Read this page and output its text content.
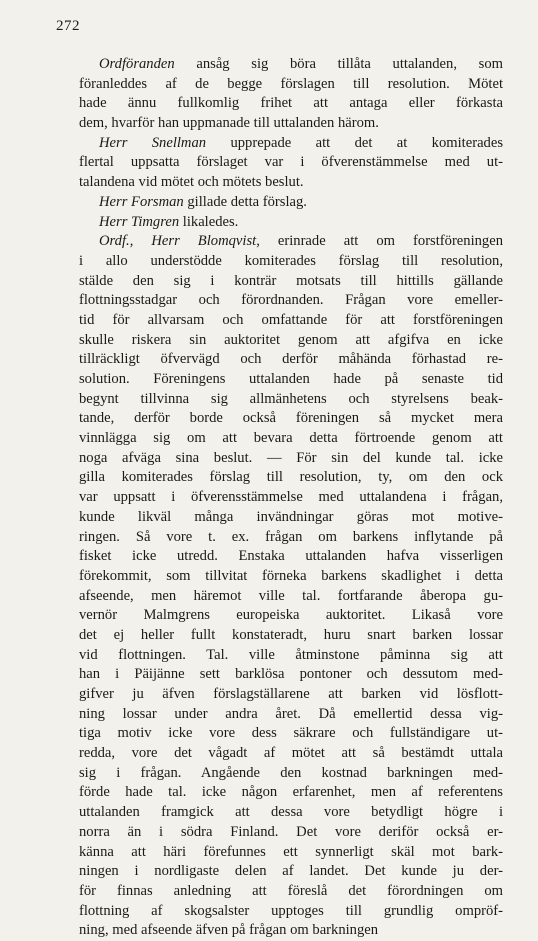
272
Ordföranden ansåg sig böra tillåta uttalanden, som
föranleddes af de begge förslagen till resolution. Mötet
hade ännu fullkomlig frihet att antaga eller förkasta
dem, hvarför han uppmanade till uttalanden härom.
Herr Snellman upprepade att det at komiterades
flertal uppsatta förslaget var i öfverenstämmelse med ut-
talandena vid mötet och mötets beslut.
Herr Forsman gillade detta förslag.
Herr Timgren likaledes.
Ordf., Herr Blomqvist, erinrade att om forstföreningen
i allo understödde komiterades förslag till resolution,
stälde den sig i konträr motsats till hittills gällande
flottningsstadgar och förordnanden. Frågan vore emeller-
tid för allvarsam och omfattande för att forstföreningen
skulle riskera sin auktoritet genom att afgifva en icke
tillräckligt öfvervägd och derför måhända förhastad re-
solution. Föreningens uttalanden hade på senaste tid
begynt tillvinna sig allmänhetens och styrelsens beak-
tande, derför borde också föreningen så mycket mera
vinnlägga sig om att bevara detta förtroende genom att
noga afväga sina beslut. — För sin del kunde tal. icke
gilla komiterades förslag till resolution, ty, om den ock
var uppsatt i öfverensstämmelse med uttalandena i frågan,
kunde likväl många invändningar göras mot motive-
ringen. Så vore t. ex. frågan om barkens inflytande på
fisket icke utredd. Enstaka uttalanden hafva visserligen
förekommit, som tillvitat förneka barkens skadlighet i detta
afseende, men häremot ville tal. fortfarande åberopa gu-
vernör Malmgrens europeiska auktoritet. Likaså vore
det ej heller fullt konstateradt, huru snart barken lossar
vid flottningen. Tal. ville åtminstone påminna sig att
han i Päijänne sett barklösa pontoner och dessutom med-
gifver ju äfven förslagställarene att barken vid lösflott-
ning lossar under andra året. Då emellertid dessa vig-
tiga motiv icke vore dess säkrare och fullständigare ut-
redda, vore det vågadt af mötet att så bestämdt uttala
sig i frågan. Angående den kostnad barkningen med-
förde hade tal. icke någon erfarenhet, men af referentens
uttalanden framgick att dessa vore betydligt högre i
norra än i södra Finland. Det vore deriför också er-
känna att häri förefunnes ett synnerligt skäl mot bark-
ningen i nordligaste delen af landet. Det kunde ju der-
för finnas anledning att föreslå det förordningen om
flottning af skogsalster upptoges till grundlig ompröf-
ning, med afseende äfven på frågan om barkningen
